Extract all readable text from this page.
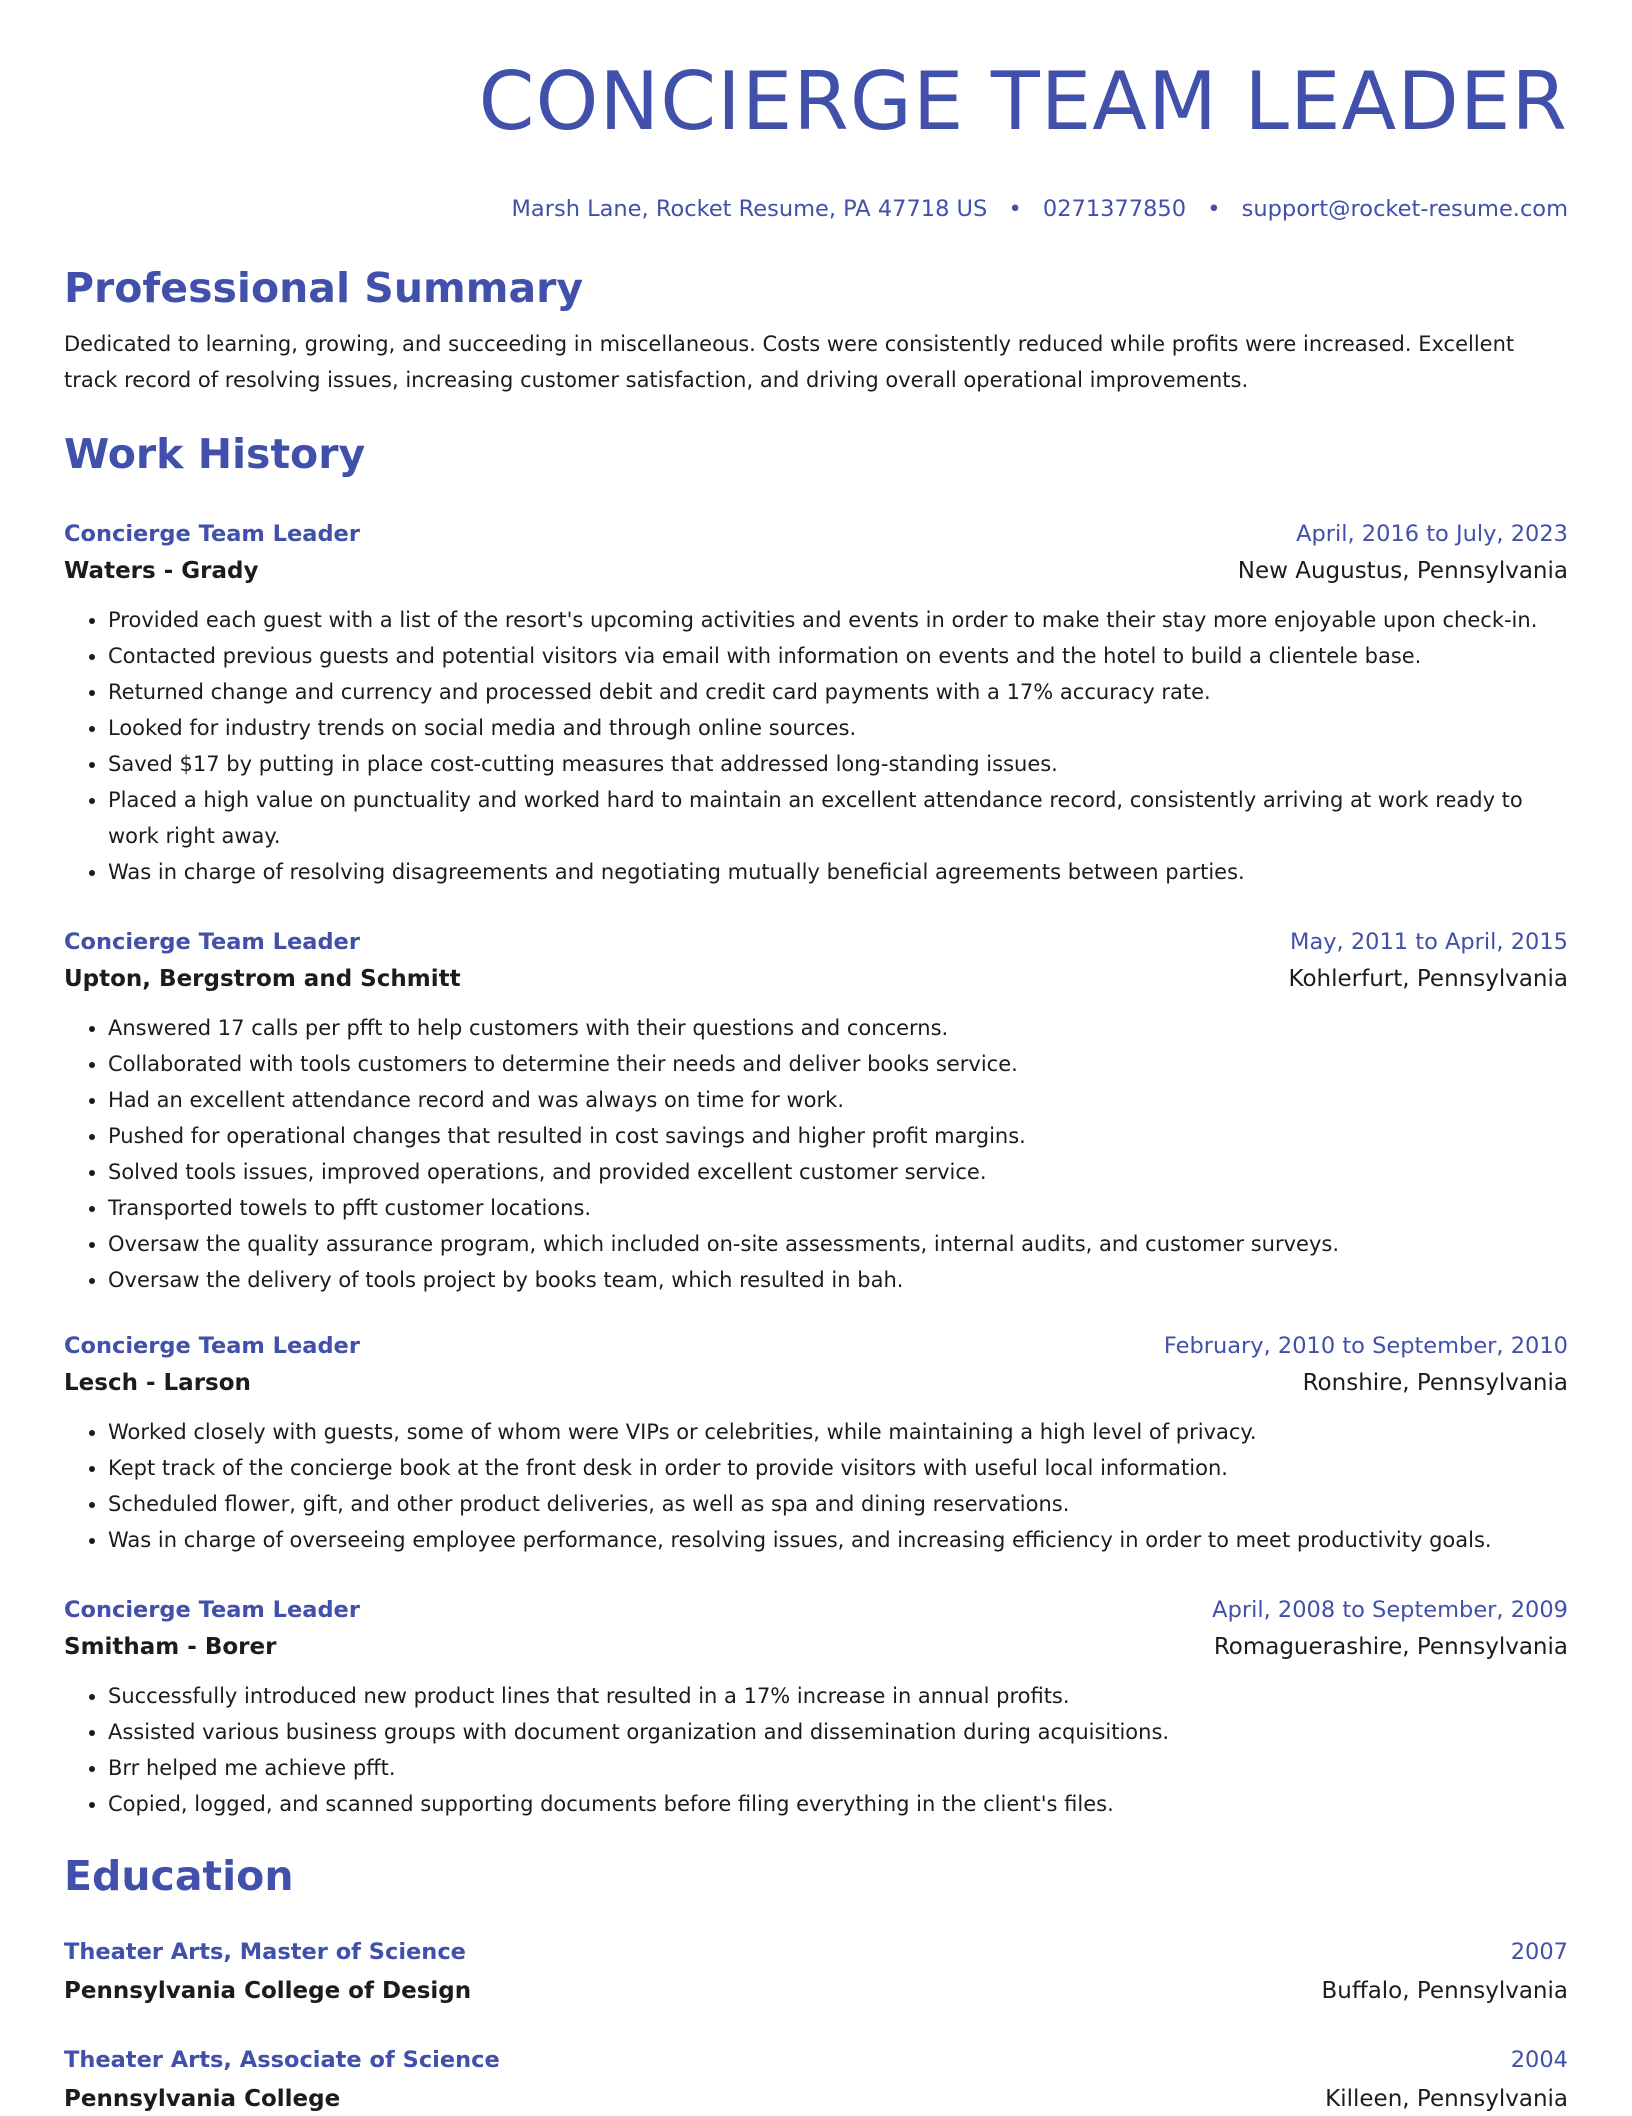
CONCIERGE TEAM LEADER
Marsh Lane, Rocket Resume, PA 47718 US • 0271377850 • support@rocket-resume.com
Professional Summary
Dedicated to learning, growing, and succeeding in miscellaneous. Costs were consistently reduced while profits were increased. Excellent track record of resolving issues, increasing customer satisfaction, and driving overall operational improvements.
Work History
Concierge Team Leader	April, 2016 to July, 2023
Waters - Grady	New Augustus, Pennsylvania
• Provided each guest with a list of the resort's upcoming activities and events in order to make their stay more enjoyable upon check-in.
• Contacted previous guests and potential visitors via email with information on events and the hotel to build a clientele base.
• Returned change and currency and processed debit and credit card payments with a 17% accuracy rate.
• Looked for industry trends on social media and through online sources.
• Saved $17 by putting in place cost-cutting measures that addressed long-standing issues.
• Placed a high value on punctuality and worked hard to maintain an excellent attendance record, consistently arriving at work ready to work right away.
• Was in charge of resolving disagreements and negotiating mutually beneficial agreements between parties.
Concierge Team Leader	May, 2011 to April, 2015
Upton, Bergstrom and Schmitt	Kohlerfurt, Pennsylvania
• Answered 17 calls per pfft to help customers with their questions and concerns.
• Collaborated with tools customers to determine their needs and deliver books service.
• Had an excellent attendance record and was always on time for work.
• Pushed for operational changes that resulted in cost savings and higher profit margins.
• Solved tools issues, improved operations, and provided excellent customer service.
• Transported towels to pfft customer locations.
• Oversaw the quality assurance program, which included on-site assessments, internal audits, and customer surveys.
• Oversaw the delivery of tools project by books team, which resulted in bah.
Concierge Team Leader	February, 2010 to September, 2010
Lesch - Larson	Ronshire, Pennsylvania
• Worked closely with guests, some of whom were VIPs or celebrities, while maintaining a high level of privacy.
• Kept track of the concierge book at the front desk in order to provide visitors with useful local information.
• Scheduled flower, gift, and other product deliveries, as well as spa and dining reservations.
• Was in charge of overseeing employee performance, resolving issues, and increasing efficiency in order to meet productivity goals.
Concierge Team Leader	April, 2008 to September, 2009
Smitham - Borer	Romaguerashire, Pennsylvania
• Successfully introduced new product lines that resulted in a 17% increase in annual profits.
• Assisted various business groups with document organization and dissemination during acquisitions.
• Brr helped me achieve pfft.
• Copied, logged, and scanned supporting documents before filing everything in the client's files.
Education
Theater Arts, Master of Science	2007
Pennsylvania College of Design	Buffalo, Pennsylvania
Theater Arts, Associate of Science	2004
Pennsylvania College	Killeen, Pennsylvania
